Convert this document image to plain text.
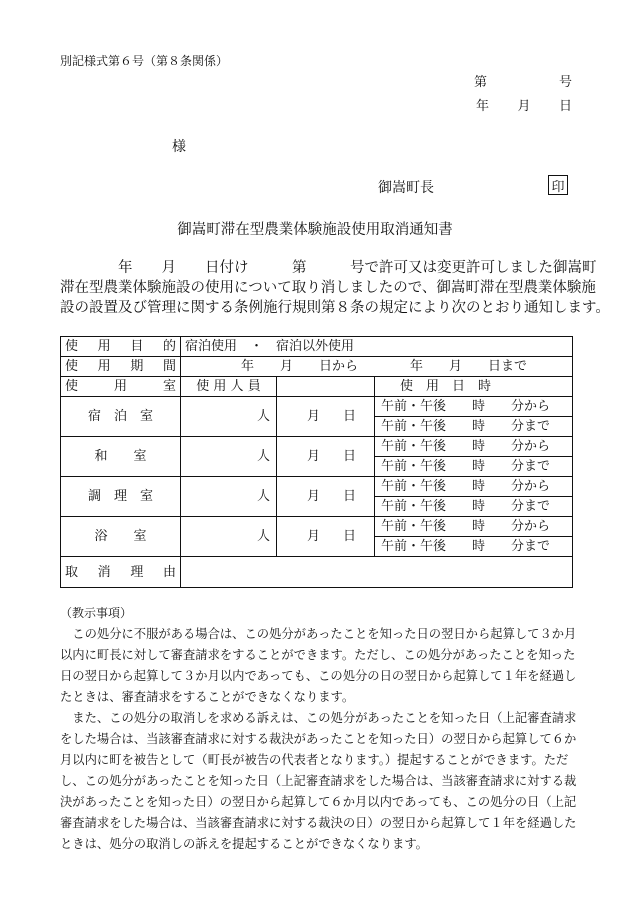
別記様式第６号（第８条関係）
第	号
年 月 日
様
御嵩町長	印
御嵩町滞在型農業体験施設使用取消通知書
　　　　年　　月　　日付け　　　第　　　号で許可又は変更許可しました御嵩町
滞在型農業体験施設の使用について取り消しましたので、御嵩町滞在型農業体験施
設の設置及び管理に関する条例施行規則第８条の規定により次のとおり通知します。
使　用　目　的	宿泊使用　・　宿泊以外使用		
使　用　期　間	年　　月　　日から　　　　年　　月　　日まで		
使　用　室	使 用 人 員		使　用　日　時
宿　泊　室	人	月 日	午前・午後　　時　　分から
			午前・午後　　時　　分まで
和　　室	人	月 日	午前・午後　　時　　分から
			午前・午後　　時　　分まで
調　理　室	人	月 日	午前・午後　　時　　分から
			午前・午後　　時　　分まで
浴　　室	人	月 日	午前・午後　　時　　分から
			午前・午後　　時　　分まで
取　消　理　由			
（教示事項）
　この処分に不服がある場合は、この処分があったことを知った日の翌日から起算して３か月
以内に町長に対して審査請求をすることができます。ただし、この処分があったことを知った
日の翌日から起算して３か月以内であっても、この処分の日の翌日から起算して１年を経過し
たときは、審査請求をすることができなくなります。
　また、この処分の取消しを求める訴えは、この処分があったことを知った日（上記審査請求
をした場合は、当該審査請求に対する裁決があったことを知った日）の翌日から起算して６か
月以内に町を被告として（町長が被告の代表者となります。）提起することができます。ただ
し、この処分があったことを知った日（上記審査請求をした場合は、当該審査請求に対する裁
決があったことを知った日）の翌日から起算して６か月以内であっても、この処分の日（上記
審査請求をした場合は、当該審査請求に対する裁決の日）の翌日から起算して１年を経過した
ときは、処分の取消しの訴えを提起することができなくなります。
